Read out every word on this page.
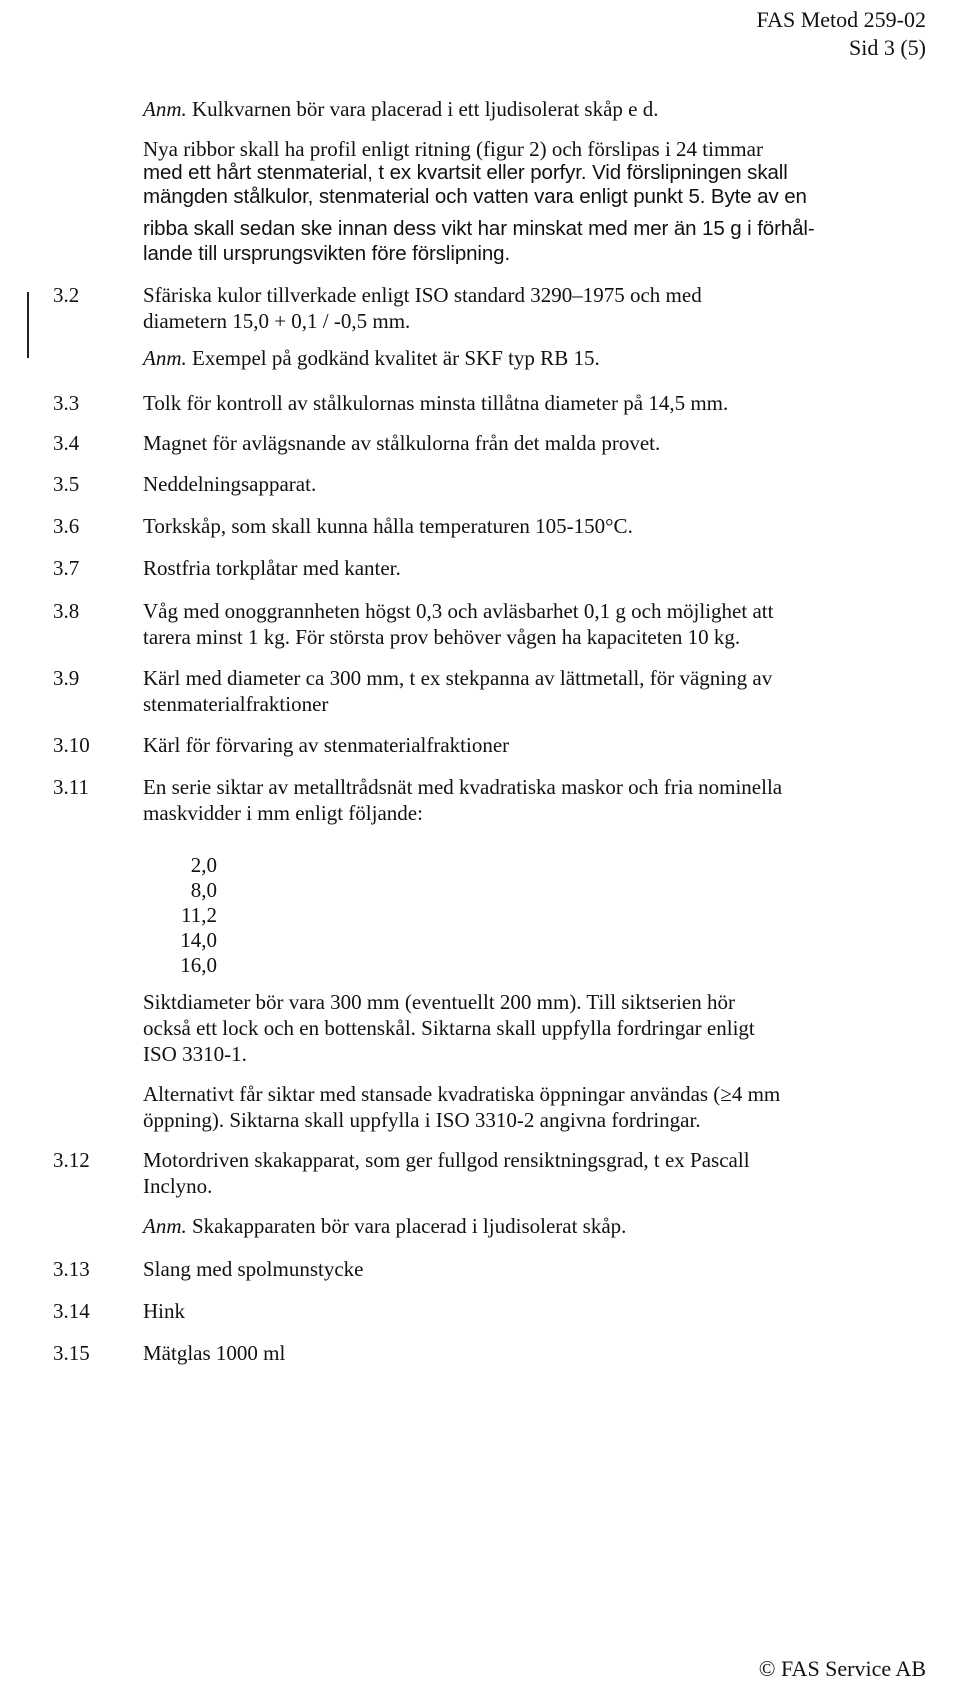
FAS Metod 259-02
Sid 3 (5)
Anm. Kulkvarnen bör vara placerad i ett ljudisolerat skåp e d.
Nya ribbor skall ha profil enligt ritning (figur 2) och förslipas i 24 timmar
med ett hårt stenmaterial, t ex kvartsit eller porfyr. Vid förslipningen skall
mängden stålkulor, stenmaterial och vatten vara enligt punkt 5. Byte av en
ribba skall sedan ske innan dess vikt har minskat med mer än 15 g i förhål-
lande till ursprungsvikten före förslipning.
3.2	Sfäriska kulor tillverkade enligt ISO standard 3290–1975 och med
diametern 15,0 + 0,1 / -0,5 mm.
Anm. Exempel på godkänd kvalitet är SKF typ RB 15.
3.3	Tolk för kontroll av stålkulornas minsta tillåtna diameter på 14,5 mm.
3.4	Magnet för avlägsnande av stålkulorna från det malda provet.
3.5	Neddelningsapparat.
3.6	Torkskåp, som skall kunna hålla temperaturen 105-150°C.
3.7	Rostfria torkplåtar med kanter.
3.8	Våg med onoggrannheten högst 0,3 och avläsbarhet 0,1 g och möjlighet att
tarera minst 1 kg. För största prov behöver vågen ha kapaciteten 10 kg.
3.9	Kärl med diameter ca 300 mm, t ex stekpanna av lättmetall, för vägning av
stenmaterialfraktioner
3.10	Kärl för förvaring av stenmaterialfraktioner
3.11	En serie siktar av metalltrådsnät med kvadratiska maskor och fria nominella
maskvidder i mm enligt följande:
2,0
8,0
11,2
14,0
16,0
Siktdiameter bör vara 300 mm (eventuellt 200 mm). Till siktserien hör
också ett lock och en bottenskål. Siktarna skall uppfylla fordringar enligt
ISO 3310-1.
Alternativt får siktar med stansade kvadratiska öppningar användas (≥4 mm
öppning). Siktarna skall uppfylla i ISO 3310-2 angivna fordringar.
3.12	Motordriven skakapparat, som ger fullgod rensiktningsgrad, t ex Pascall
Inclyno.
Anm. Skakapparaten bör vara placerad i ljudisolerat skåp.
3.13	Slang med spolmunstycke
3.14	Hink
3.15	Mätglas 1000 ml
© FAS Service AB
